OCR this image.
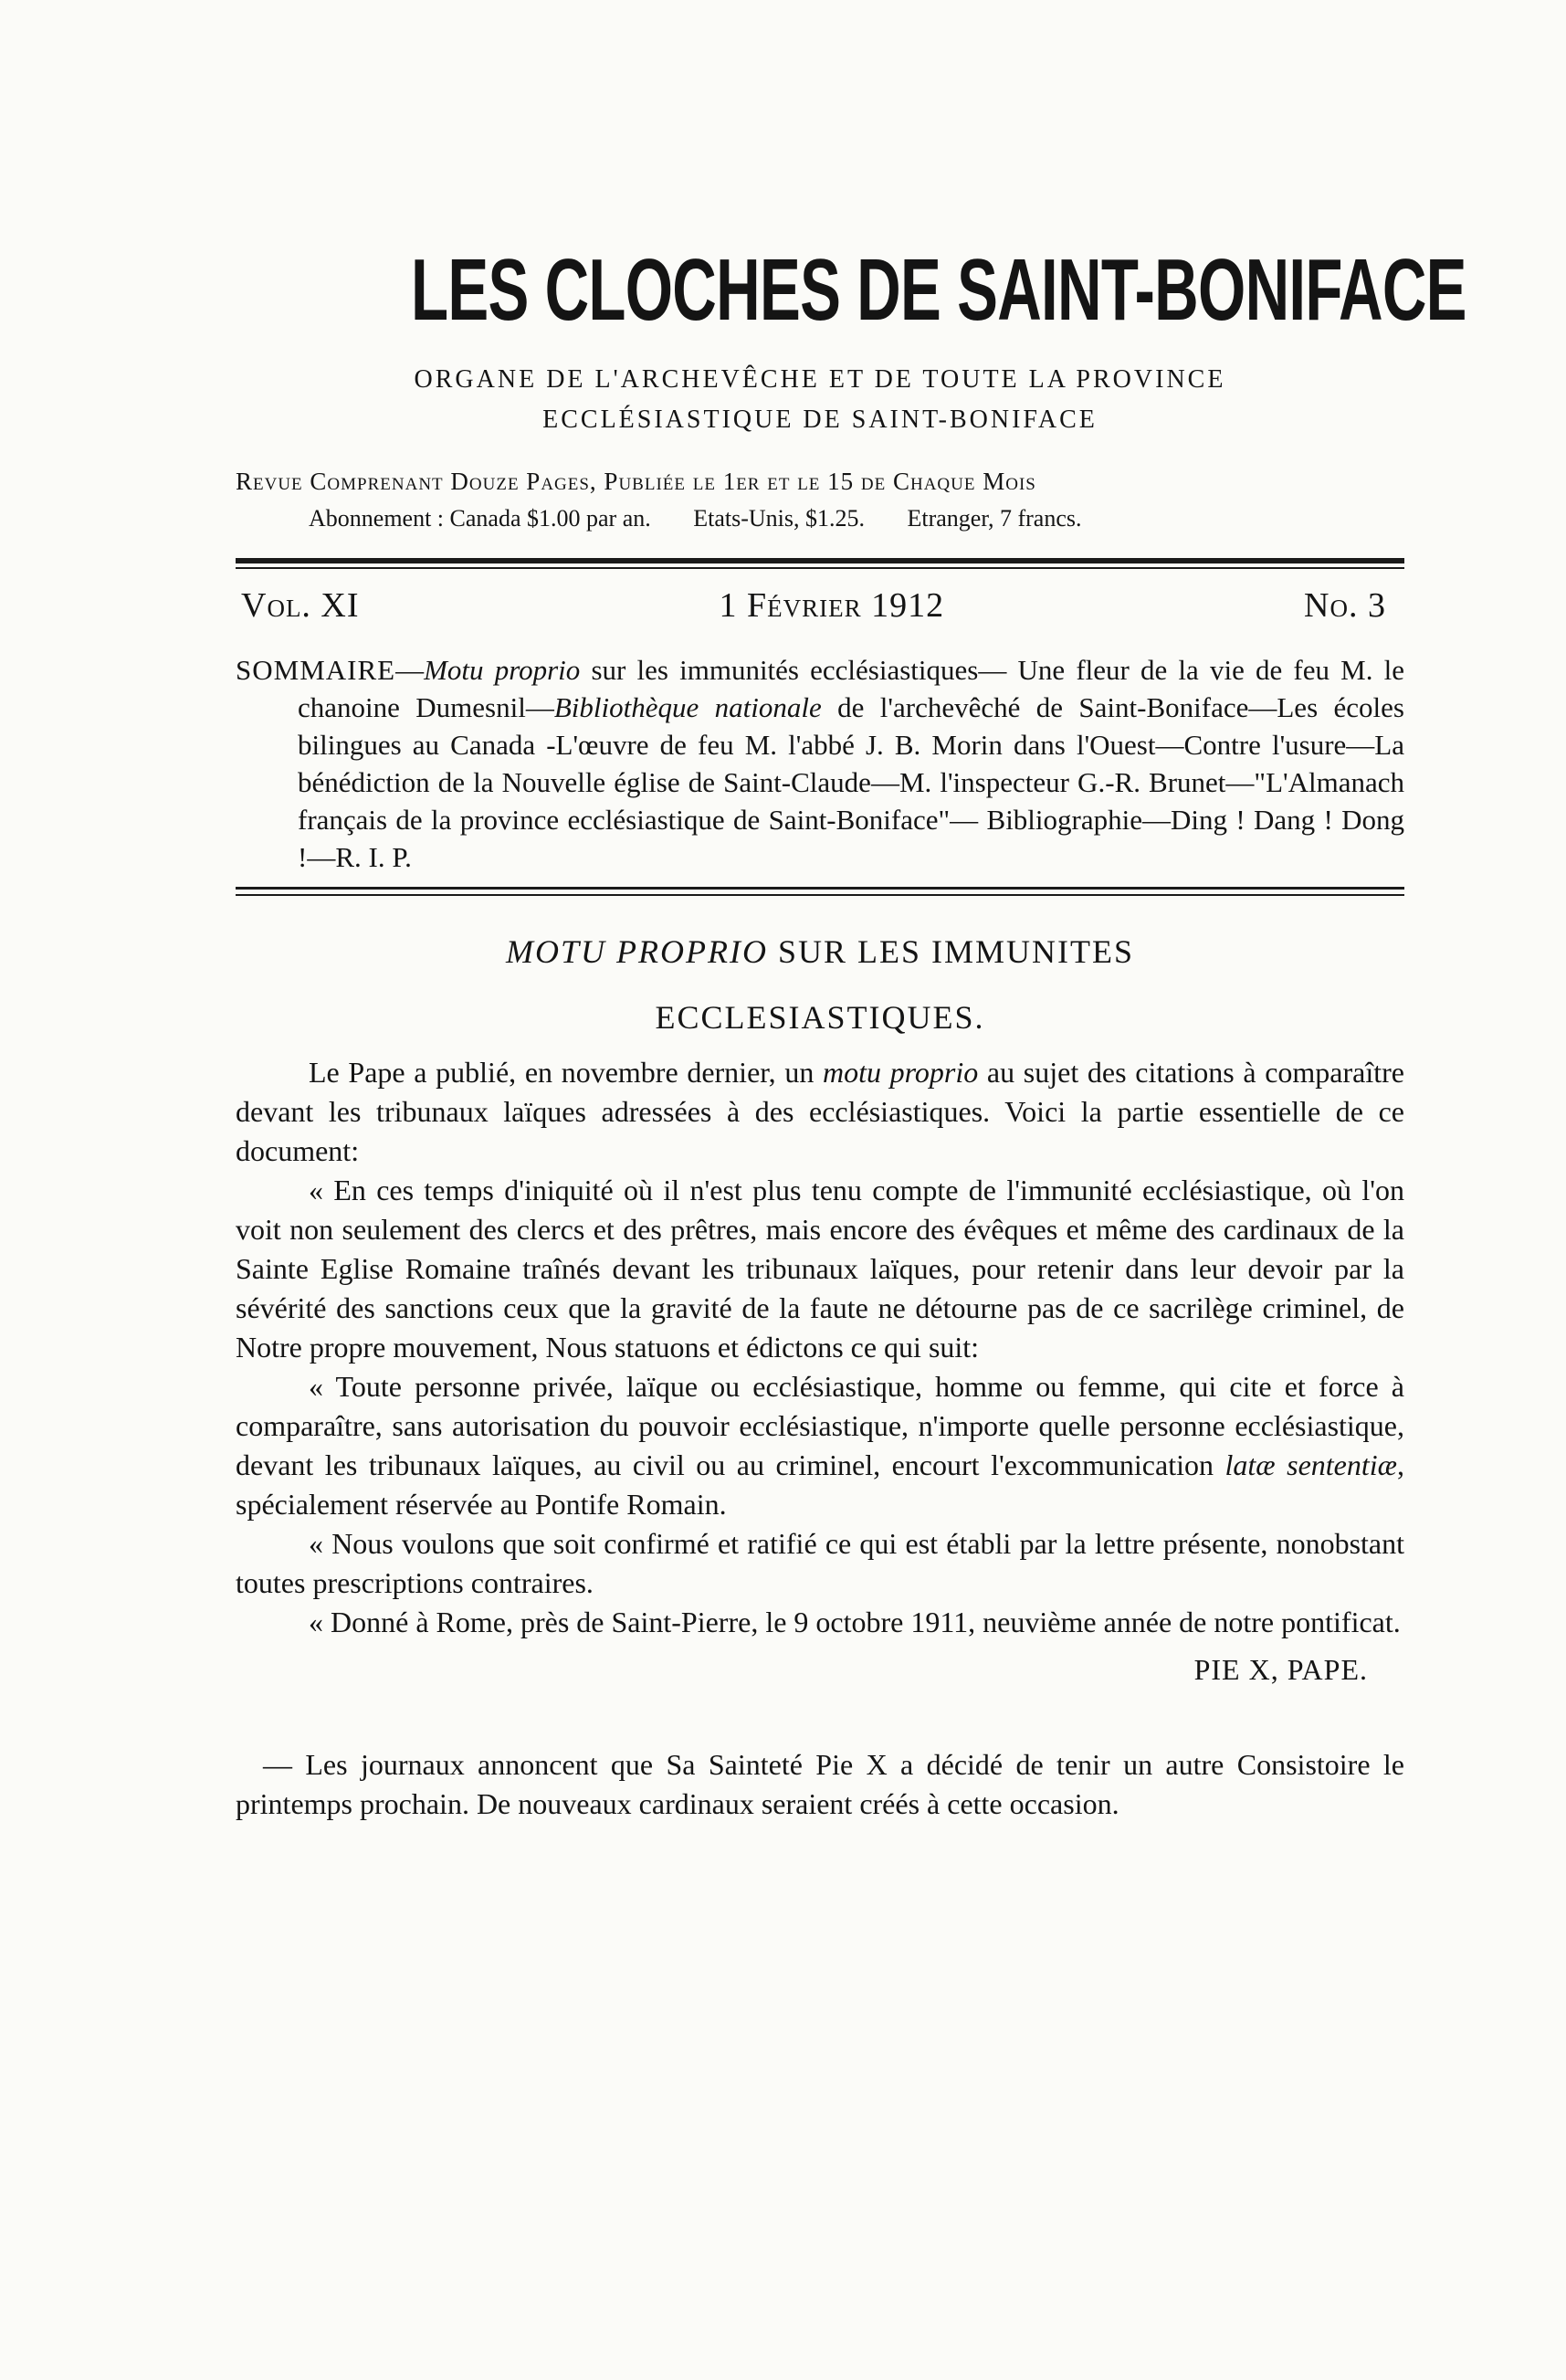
LES CLOCHES DE SAINT-BONIFACE
ORGANE DE L'ARCHEVÊCHE ET DE TOUTE LA PROVINCE
ECCLÉSIASTIQUE DE SAINT-BONIFACE
Revue Comprenant Douze Pages, Publiée le 1er et le 15 de Chaque Mois
Abonnement : Canada $1.00 par an. Etats-Unis, $1.25. Etranger, 7 francs.
Vol. XI	1 Février 1912	No. 3
SOMMAIRE—Motu proprio sur les immunités ecclésiastiques— Une fleur de la vie de feu M. le chanoine Dumesnil—Bibliothèque nationale de l'archevêché de Saint-Boniface—Les écoles bilingues au Canada -L'œuvre de feu M. l'abbé J. B. Morin dans l'Ouest—Contre l'usure—La bénédiction de la Nouvelle église de Saint-Claude—M. l'inspecteur G.-R. Brunet—"L'Almanach français de la province ecclésiastique de Saint-Boniface"— Bibliographie—Ding ! Dang ! Dong !—R. I. P.
MOTU PROPRIO SUR LES IMMUNITES
ECCLESIASTIQUES.

Le Pape a publié, en novembre dernier, un motu proprio au sujet des citations à comparaître devant les tribunaux laïques adressées à des ecclésiastiques. Voici la partie essentielle de ce document:

« En ces temps d'iniquité où il n'est plus tenu compte de l'immunité ecclésiastique, où l'on voit non seulement des clercs et des prêtres, mais encore des évêques et même des cardinaux de la Sainte Eglise Romaine traînés devant les tribunaux laïques, pour retenir dans leur devoir par la sévérité des sanctions ceux que la gravité de la faute ne détourne pas de ce sacrilège criminel, de Notre propre mouvement, Nous statuons et édictons ce qui suit:

« Toute personne privée, laïque ou ecclésiastique, homme ou femme, qui cite et force à comparaître, sans autorisation du pouvoir ecclésiastique, n'importe quelle personne ecclésiastique, devant les tribunaux laïques, au civil ou au criminel, encourt l'excommunication latæ sententiæ, spécialement réservée au Pontife Romain.

« Nous voulons que soit confirmé et ratifié ce qui est établi par la lettre présente, nonobstant toutes prescriptions contraires.

« Donné à Rome, près de Saint-Pierre, le 9 octobre 1911, neuvième année de notre pontificat.

PIE X, PAPE.
— Les journaux annoncent que Sa Sainteté Pie X a décidé de tenir un autre Consistoire le printemps prochain. De nouveaux cardinaux seraient créés à cette occasion.
